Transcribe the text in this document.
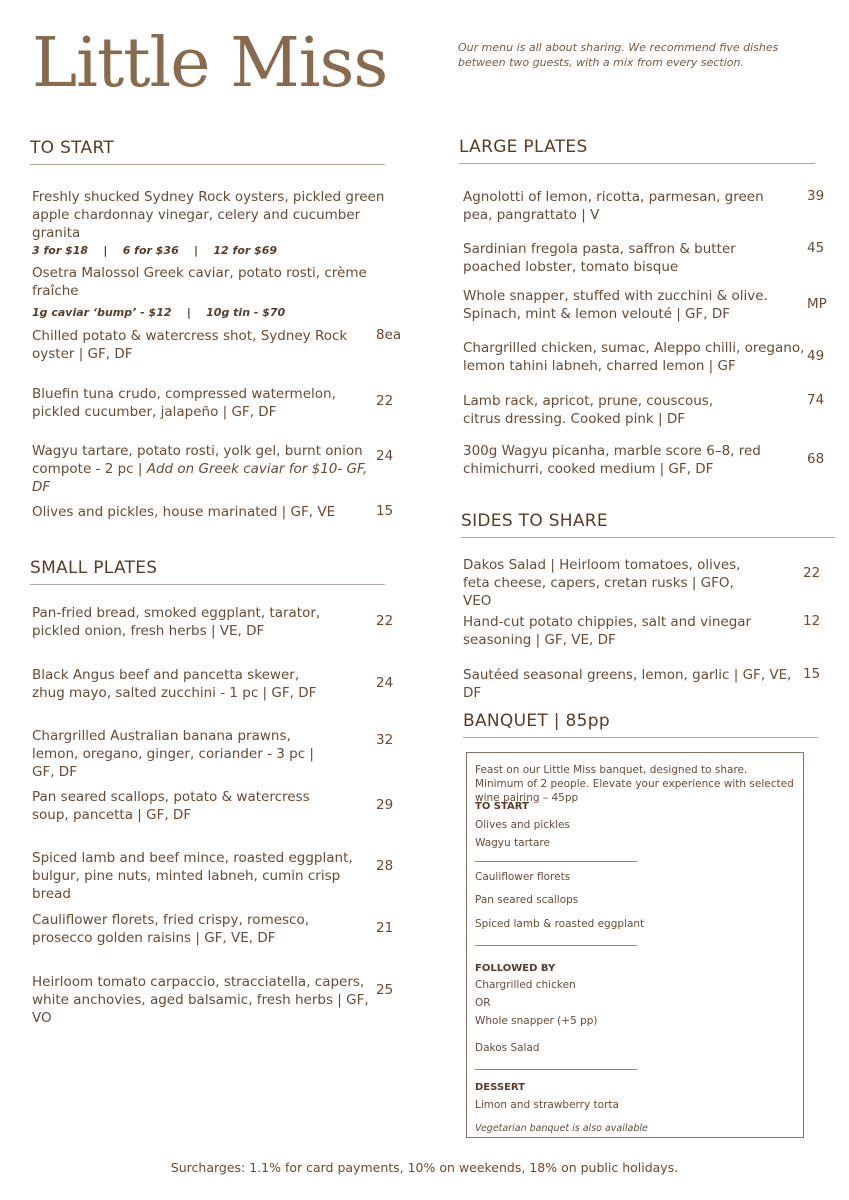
Little Miss	Our menu is all about sharing. We recommend five dishes between two guests, with a mix from every section.
TO START
Freshly shucked Sydney Rock oysters, pickled green apple chardonnay vinegar, celery and cucumber granita
3 for $18    |    6 for $36    |    12 for $69
Osetra Malossol Greek caviar, potato rosti, crème fraîche
1g caviar ‘bump’ - $12    |    10g tin - $70
Chilled potato & watercress shot, Sydney Rock oyster | GF, DF
8ea
Bluefin tuna crudo, compressed watermelon, pickled cucumber, jalapeño | GF, DF
22
Wagyu tartare, potato rosti, yolk gel, burnt onion compote - 2 pc | Add on Greek caviar for $10- GF, DF
24
Olives and pickles, house marinated | GF, VE	15
SMALL PLATES
Pan-fried bread, smoked eggplant, tarator, pickled onion, fresh herbs | VE, DF
22
Black Angus beef and pancetta skewer, zhug mayo, salted zucchini - 1 pc | GF, DF
24
Chargrilled Australian banana prawns, lemon, oregano, ginger, coriander - 3 pc | GF, DF
32
Pan seared scallops, potato & watercress soup, pancetta | GF, DF
29
Spiced lamb and beef mince, roasted eggplant, bulgur, pine nuts, minted labneh, cumin crisp bread
28
Cauliflower florets, fried crispy, romesco, prosecco golden raisins | GF, VE, DF
21
Heirloom tomato carpaccio, stracciatella, capers, white anchovies, aged balsamic, fresh herbs | GF, VO
25
LARGE PLATES
Agnolotti of lemon, ricotta, parmesan, green pea, pangrattato | V
39
Sardinian fregola pasta, saffron & butter poached lobster, tomato bisque
45
Whole snapper, stuffed with zucchini & olive. Spinach, mint & lemon velouté | GF, DF
MP
Chargrilled chicken, sumac, Aleppo chilli, oregano, lemon tahini labneh, charred lemon | GF
49
Lamb rack, apricot, prune, couscous, citrus dressing. Cooked pink | DF
74
300g Wagyu picanha, marble score 6–8, red chimichurri, cooked medium | GF, DF
68
SIDES TO SHARE
Dakos Salad | Heirloom tomatoes, olives, feta cheese, capers, cretan rusks | GFO, VEO
22
Hand-cut potato chippies, salt and vinegar seasoning | GF, VE, DF
12
Sautéed seasonal greens, lemon, garlic | GF, VE, DF
15
BANQUET | 85pp
Feast on our Little Miss banquet, designed to share. Minimum of 2 people. Elevate your experience with selected wine pairing – 45pp
TO START
Olives and pickles
Wagyu tartare
Cauliflower florets
Pan seared scallops
Spiced lamb & roasted eggplant
FOLLOWED BY
Chargrilled chicken
OR
Whole snapper (+5 pp)
Dakos Salad
DESSERT
Limon and strawberry torta
Vegetarian banquet is also available
Surcharges: 1.1% for card payments, 10% on weekends, 18% on public holidays.
